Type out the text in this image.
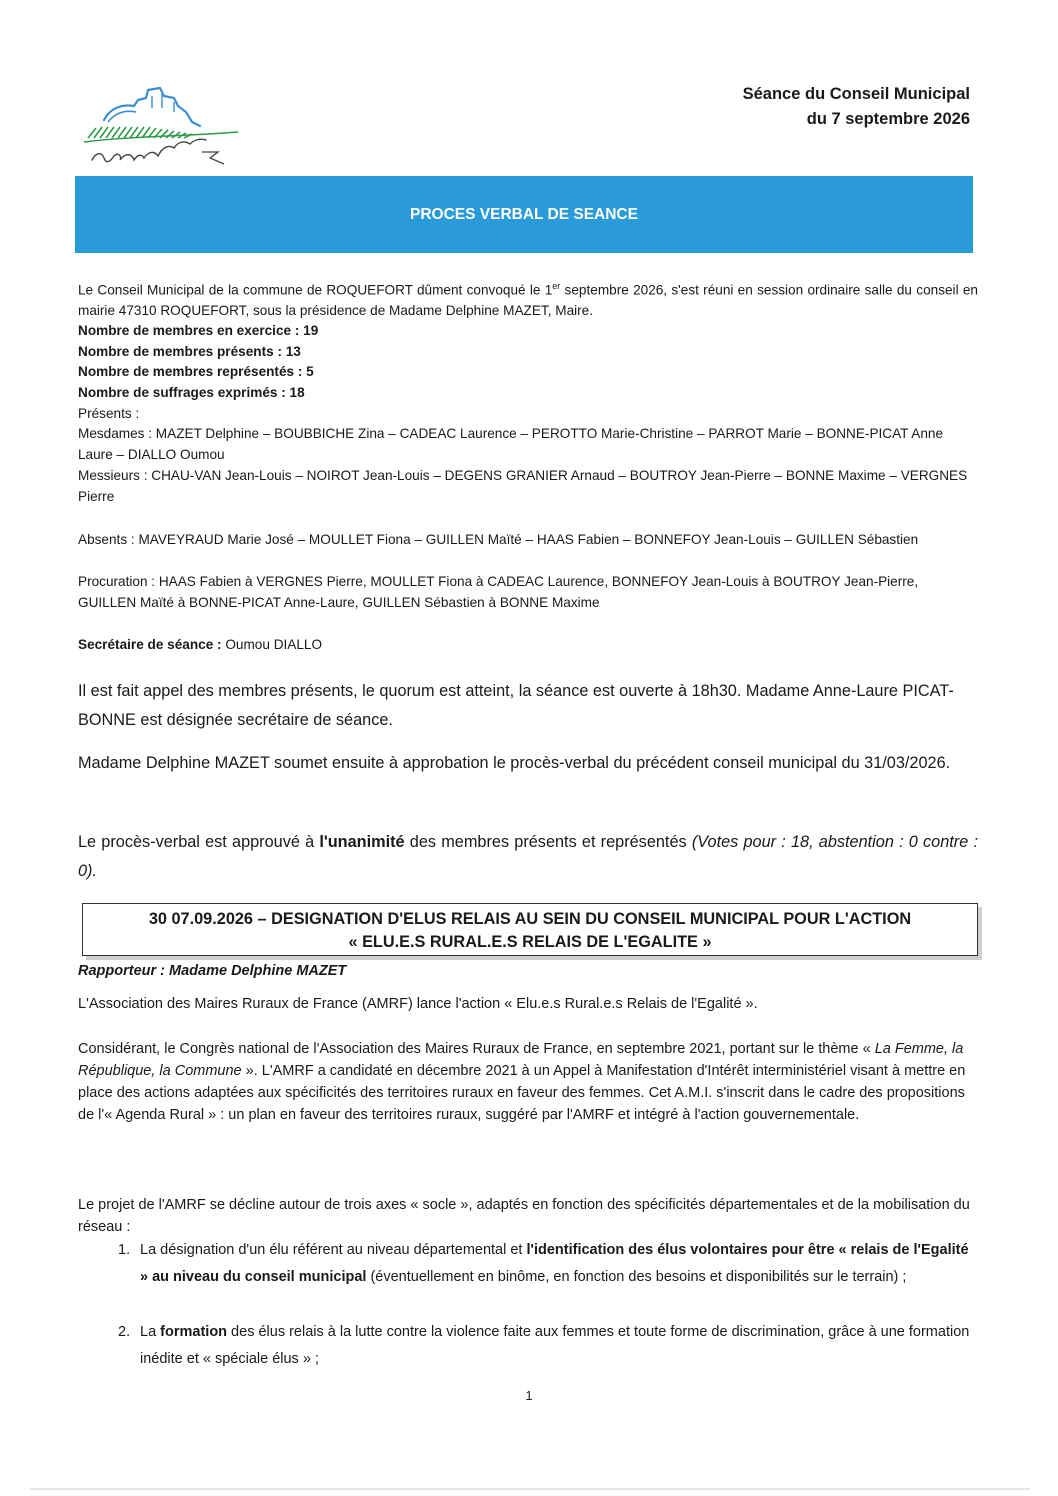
Séance du Conseil Municipal
du 7 septembre 2026
PROCES VERBAL DE SEANCE
Le Conseil Municipal de la commune de ROQUEFORT dûment convoqué le 1er septembre 2026, s'est réuni en session ordinaire salle du conseil en mairie 47310 ROQUEFORT, sous la présidence de Madame Delphine MAZET, Maire.
Nombre de membres en exercice : 19
Nombre de membres présents : 13
Nombre de membres représentés : 5
Nombre de suffrages exprimés : 18
Présents :
Mesdames : MAZET Delphine – BOUBBICHE Zina – CADEAC Laurence – PEROTTO Marie-Christine – PARROT Marie – BONNE-PICAT Anne Laure – DIALLO Oumou
Messieurs : CHAU-VAN Jean-Louis – NOIROT Jean-Louis – DEGENS GRANIER Arnaud – BOUTROY Jean-Pierre – BONNE Maxime – VERGNES Pierre
Absents : MAVEYRAUD Marie José – MOULLET Fiona – GUILLEN Maïté – HAAS Fabien – BONNEFOY Jean-Louis – GUILLEN Sébastien
Procuration : HAAS Fabien à VERGNES Pierre, MOULLET Fiona à CADEAC Laurence, BONNEFOY Jean-Louis à BOUTROY Jean-Pierre, GUILLEN Maïté à BONNE-PICAT Anne-Laure, GUILLEN Sébastien à BONNE Maxime
Secrétaire de séance : Oumou DIALLO
Il est fait appel des membres présents, le quorum est atteint, la séance est ouverte à 18h30. Madame Anne-Laure PICAT-BONNE est désignée secrétaire de séance.
Madame Delphine MAZET soumet ensuite à approbation le procès-verbal du précédent conseil municipal du 31/03/2026.
Le procès-verbal est approuvé à l'unanimité des membres présents et représentés (Votes pour : 18, abstention : 0 contre : 0).
30 07.09.2026 – DESIGNATION D'ELUS RELAIS AU SEIN DU CONSEIL MUNICIPAL POUR L'ACTION
« ELU.E.S RURAL.E.S RELAIS DE L'EGALITE »
Rapporteur : Madame Delphine MAZET
L'Association des Maires Ruraux de France (AMRF) lance l'action « Elu.e.s Rural.e.s Relais de l'Egalité ».
Considérant, le Congrès national de l'Association des Maires Ruraux de France, en septembre 2021, portant sur le thème « La Femme, la République, la Commune ». L'AMRF a candidaté en décembre 2021 à un Appel à Manifestation d'Intérêt interministériel visant à mettre en place des actions adaptées aux spécificités des territoires ruraux en faveur des femmes. Cet A.M.I. s'inscrit dans le cadre des propositions de l'« Agenda Rural » : un plan en faveur des territoires ruraux, suggéré par l'AMRF et intégré à l'action gouvernementale.
Le projet de l'AMRF se décline autour de trois axes « socle », adaptés en fonction des spécificités départementales et de la mobilisation du réseau :
1. La désignation d'un élu référent au niveau départemental et l'identification des élus volontaires pour être « relais de l'Egalité » au niveau du conseil municipal (éventuellement en binôme, en fonction des besoins et disponibilités sur le terrain) ;
2. La formation des élus relais à la lutte contre la violence faite aux femmes et toute forme de discrimination, grâce à une formation inédite et « spéciale élus » ;
1
